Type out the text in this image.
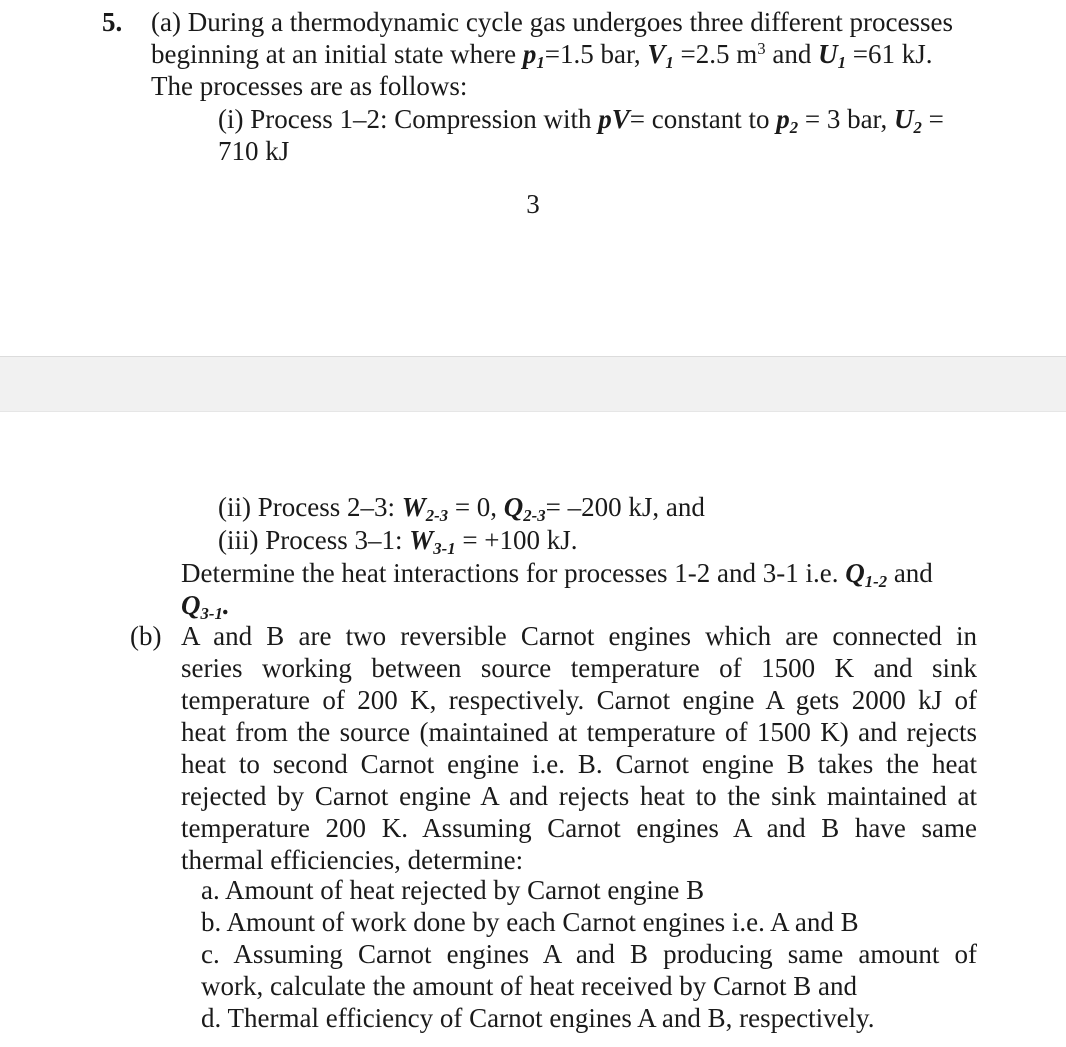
5. (a) During a thermodynamic cycle gas undergoes three different processes
beginning at an initial state where p1=1.5 bar, V1 =2.5 $m^3$ and U1 =61 kJ.
The processes are as follows:
(i) Process 1–2: Compression with pV= constant to p2 = 3 bar, U2 =
710 kJ
3
(ii) Process 2–3: W2-3 = 0, Q2-3= –200 kJ, and
(iii) Process 3–1: W3-1 = +100 kJ.
Determine the heat interactions for processes 1-2 and 3-1 i.e. Q1-2 and
Q3-1.
(b) A and B are two reversible Carnot engines which are connected in
series working between source temperature of 1500 K and sink
temperature of 200 K, respectively. Carnot engine A gets 2000 kJ of
heat from the source (maintained at temperature of 1500 K) and rejects
heat to second Carnot engine i.e. B. Carnot engine B takes the heat
rejected by Carnot engine A and rejects heat to the sink maintained at
temperature 200 K. Assuming Carnot engines A and B have same
thermal efficiencies, determine:
a. Amount of heat rejected by Carnot engine B
b. Amount of work done by each Carnot engines i.e. A and B
c. Assuming Carnot engines A and B producing same amount of
work, calculate the amount of heat received by Carnot B and
d. Thermal efficiency of Carnot engines A and B, respectively.
